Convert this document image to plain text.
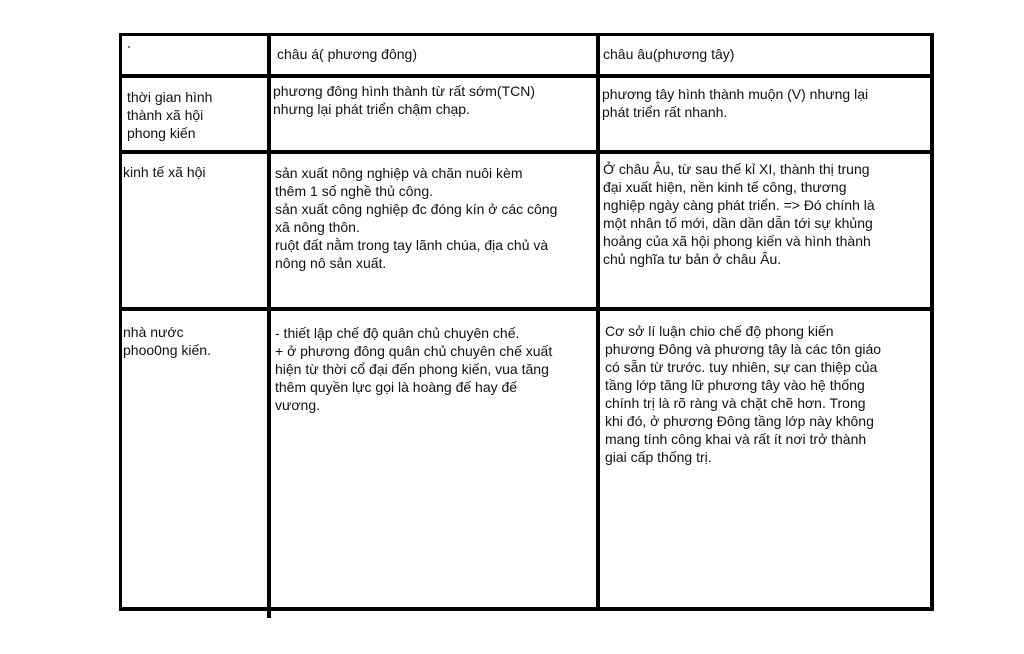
châu á( phương đông)	châu âu(phương tây)
thời gian hình
thành xã hội
phong kiến
phương đông hình thành từ rất sớm(TCN)
nhưng lại phát triển chậm chạp.
phương tây hình thành muộn (V) nhưng lại
phát triển rất nhanh.
kinh tế xã hội	sản xuất nông nghiệp và chăn nuôi kèm
thêm 1 số nghề thủ công.
sản xuất công nghiệp đc đóng kín ở các công
xã nông thôn.
ruột đất nằm trong tay lãnh chúa, địa chủ và
nông nô sản xuất.
Ở châu Âu, từ sau thế kỉ XI, thành thị trung
đại xuất hiện, nền kinh tế công, thương
nghiệp ngày càng phát triển. => Đó chính là
một nhân tố mới, dần dần dẫn tới sự khủng
hoảng của xã hội phong kiến và hình thành
chủ nghĩa tư bản ở châu Âu.
nhà nước
phoo0ng kiến.
- thiết lập chế độ quân chủ chuyên chế.
+ ở phương đông quân chủ chuyên chế xuất
hiện từ thời cổ đại đến phong kiến, vua tăng
thêm quyền lực gọi là hoàng đế hay đế
vương.
Cơ sở lí luận chio chế độ phong kiến
phương Đông và phương tây là các tôn giáo
có sẵn từ trước. tuy nhiên, sự can thiệp của
tầng lớp tăng lữ phương tây vào hệ thống
chính trị là rõ ràng và chặt chẽ hơn. Trong
khi đó, ở phương Đông tầng lớp này không
mang tính công khai và rất ít nơi trở thành
giai cấp thống trị.
